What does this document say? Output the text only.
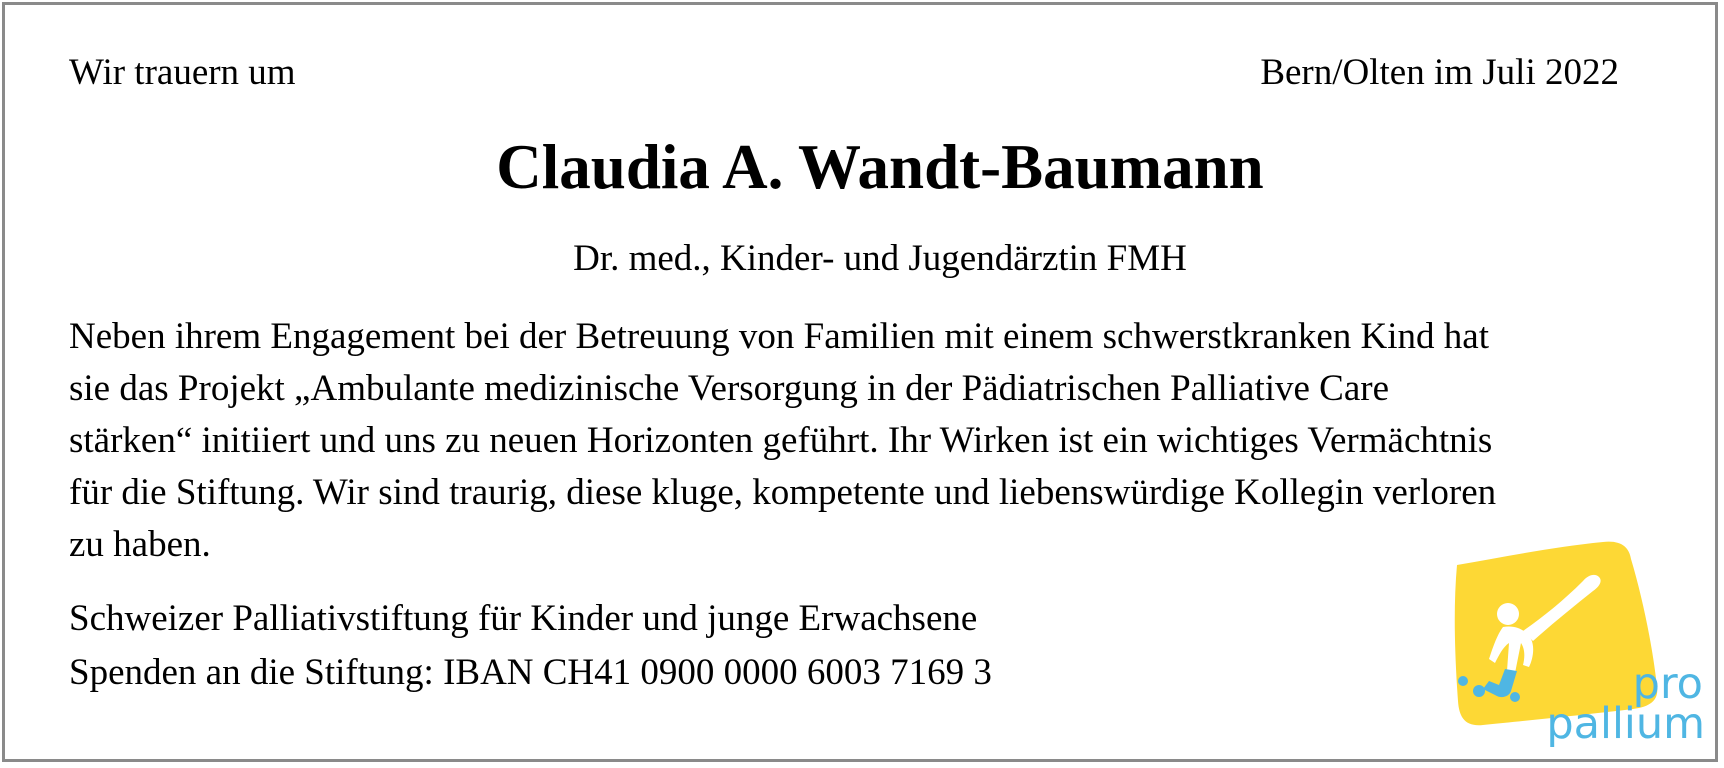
Wir trauern um	Bern/Olten im Juli 2022
Claudia A. Wandt-Baumann
Dr. med., Kinder- und Jugendärztin FMH
Neben ihrem Engagement bei der Betreuung von Familien mit einem schwerstkranken Kind hat
sie das Projekt „Ambulante medizinische Versorgung in der Pädiatrischen Palliative Care
stärken“ initiiert und uns zu neuen Horizonten geführt. Ihr Wirken ist ein wichtiges Vermächtnis
für die Stiftung. Wir sind traurig, diese kluge, kompetente und liebenswürdige Kollegin verloren
zu haben.
Schweizer Palliativstiftung für Kinder und junge Erwachsene
Spenden an die Stiftung: IBAN CH41 0900 0000 6003 7169 3	pro
pallium
